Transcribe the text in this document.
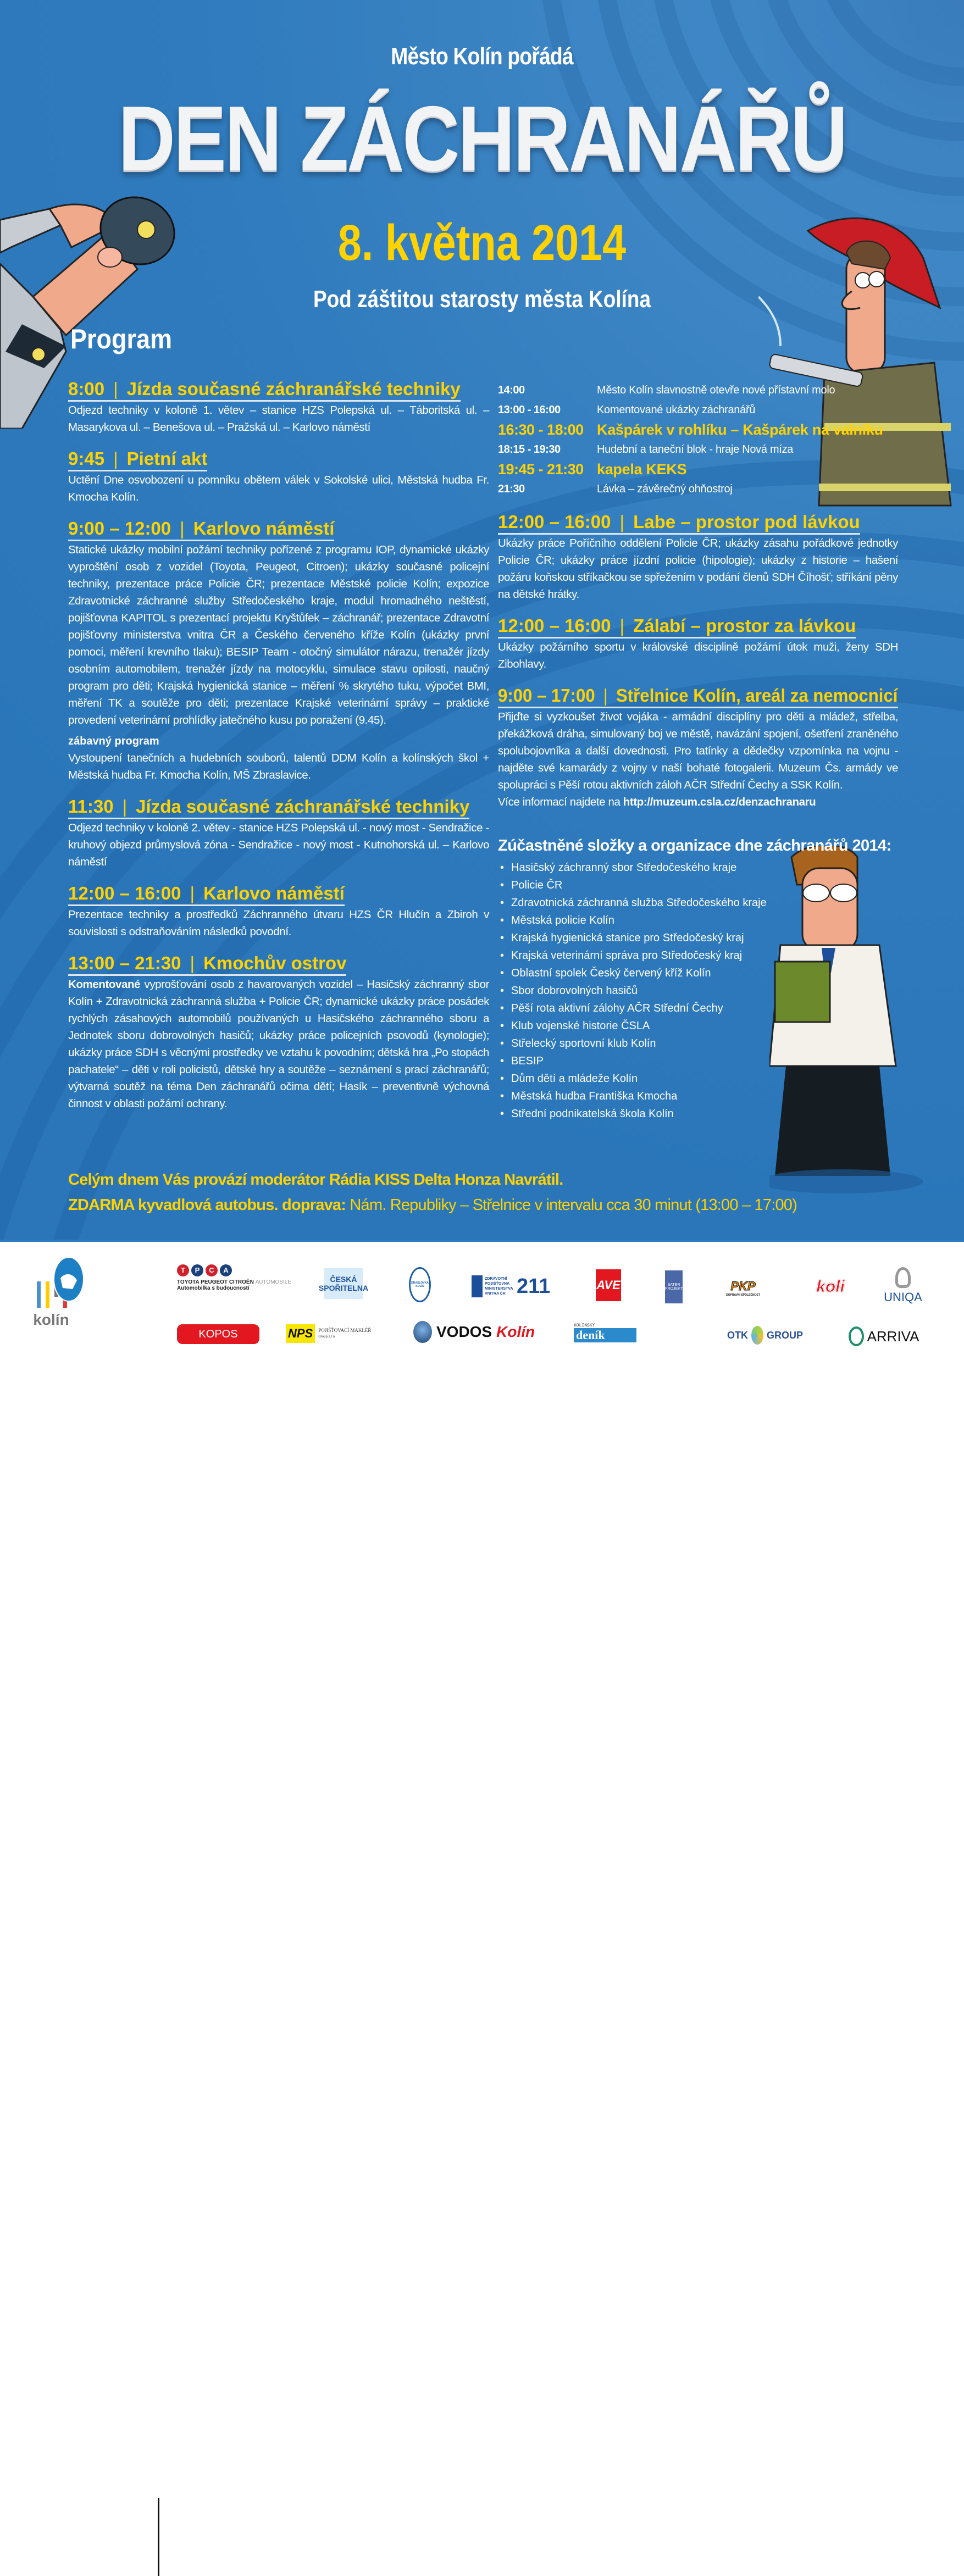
Město Kolín pořádá
DEN ZÁCHRANÁŘŮ
8. května 2014
Pod záštitou starosty města Kolína
Program
8:00 | Jízda současné záchranářské techniky
Odjezd techniky v koloně 1. větev – stanice HZS Polepská ul. – Táboritská ul. – Masarykova ul. – Benešova ul. – Pražská ul. – Karlovo náměstí
9:45 | Pietní akt
Uctění Dne osvobození u pomníku obětem válek v Sokolské ulici, Městská hudba Fr. Kmocha Kolín.
9:00 – 12:00 | Karlovo náměstí
Statické ukázky mobilní požární techniky pořízené z programu IOP, dynamické ukázky vyproštění osob z vozidel (Toyota, Peugeot, Citroen); ukázky současné policejní techniky, prezentace práce Policie ČR; prezentace Městské policie Kolín; expozice Zdravotnické záchranné služby Středočeského kraje, modul hromadného neštěstí, pojišťovna KAPITOL s prezentací projektu Kryštůfek – záchranář; prezentace Zdravotní pojišťovny ministerstva vnitra ČR a Českého červeného kříže Kolín (ukázky první pomoci, měření krevního tlaku); BESIP Team - otočný simulátor nárazu, trenažér jízdy osobním automobilem, trenažér jízdy na motocyklu, simulace stavu opilosti, naučný program pro děti; Krajská hygienická stanice – měření % skrytého tuku, výpočet BMI, měření TK a soutěže pro děti; prezentace Krajské veterinární správy – praktické provedení veterinární prohlídky jatečného kusu po poražení (9.45).
zábavný program
Vystoupení tanečních a hudebních souborů, talentů DDM Kolín a kolínských škol + Městská hudba Fr. Kmocha Kolín, MŠ Zbraslavice.
11:30 | Jízda současné záchranářské techniky
Odjezd techniky v koloně 2. větev - stanice HZS Polepská ul. - nový most - Sendražice - kruhový objezd průmyslová zóna - Sendražice - nový most - Kutnohorská ul. – Karlovo náměstí
12:00 – 16:00 | Karlovo náměstí
Prezentace techniky a prostředků Záchranného útvaru HZS ČR Hlučín a Zbiroh v souvislosti s odstraňováním následků povodní.
13:00 – 21:30 | Kmochův ostrov
Komentované vyprošťování osob z havarovaných vozidel – Hasičský záchranný sbor Kolín + Zdravotnická záchranná služba + Policie ČR; dynamické ukázky práce posádek rychlých zásahových automobilů používaných u Hasičského záchranného sboru a Jednotek sboru dobrovolných hasičů; ukázky práce policejních psovodů (kynologie); ukázky práce SDH s věcnými prostředky ve vztahu k povodním; dětská hra „Po stopách pachatele“ – děti v roli policistů, dětské hry a soutěže – seznámení s prací záchranářů; výtvarná soutěž na téma Den záchranářů očima dětí; Hasík – preventivně výchovná činnost v oblasti požární ochrany.
14:00	Město Kolín slavnostně otevře nové přístavní molo
13:00 - 16:00	Komentované ukázky záchranářů
16:30 - 18:00 Kašpárek v rohlíku – Kašpárek na valníku
18:15 - 19:30	Hudební a taneční blok - hraje Nová míza
19:45 - 21:30 kapela KEKS
21:30	Lávka – závěrečný ohňostroj
12:00 – 16:00 | Labe – prostor pod lávkou
Ukázky práce Poříčního oddělení Policie ČR; ukázky zásahu pořádkové jednotky Policie ČR; ukázky práce jízdní policie (hipologie); ukázky z historie – hašení požáru koňskou stříkačkou se spřežením v podání členů SDH Číhošť; stříkání pěny na dětské hrátky.
12:00 – 16:00 | Zálabí – prostor za lávkou
Ukázky požárního sportu v královské disciplině požární útok muži, ženy SDH Zibohlavy.
9:00 – 17:00 | Střelnice Kolín, areál za nemocnicí
Přijďte si vyzkoušet život vojáka - armádní disciplíny pro děti a mládež, střelba, překážková dráha, simulovaný boj ve městě, navázání spojení, ošetření zraněného spolubojovníka a další dovednosti. Pro tatínky a dědečky vzpomínka na vojnu - najděte své kamarády z vojny v naší bohaté fotogalerii. Muzeum Čs. armády ve spolupráci s Pěší rotou aktivních záloh AČR Střední Čechy a SSK Kolín.
Více informací najdete na http://muzeum.csla.cz/denzachranaru
Zúčastněné složky a organizace dne záchranářů 2014:
• Hasičský záchranný sbor Středočeského kraje
• Policie ČR
• Zdravotnická záchranná služba Středočeského kraje
• Městská policie Kolín
• Krajská hygienická stanice pro Středočeský kraj
• Krajská veterinární správa pro Středočeský kraj
• Oblastní spolek Český červený kříž Kolín
• Sbor dobrovolných hasičů
• Pěší rota aktivní zálohy AČR Střední Čechy
• Klub vojenské historie ČSLA
• Střelecký sportovní klub Kolín
• BESIP
• Dům dětí a mládeže Kolín
• Městská hudba Františka Kmocha
• Střední podnikatelská škola Kolín
Celým dnem Vás provází moderátor Rádia KISS Delta Honza Navrátil.
ZDARMA kyvadlová autobus. doprava: Nám. Republiky – Střelnice v intervalu cca 30 minut (13:00 – 17:00)
kolín
T	P	C	A
TOYOTA PEUGEOT CITROËN AUTOMOBILE
Automobilka s budoucností
ČESKÁ
SPOŘITELNA
DRASLOVKA KOLÍN
ZDRAVOTNÍ POJIŠŤOVNA MINISTERSTVA VNITRA ČR 211	AVE	SATER
PROJEKT	PKP
DOPRAVNÍ SPOLEČNOST	koli
UNIQA
KOPOS	NPS	POJIŠŤOVACÍ MAKLÉŘ
Group s.r.o.	VODOS Kolín	KOLÍNSKÝ
deník	OTK GROUP	ARRIVA
